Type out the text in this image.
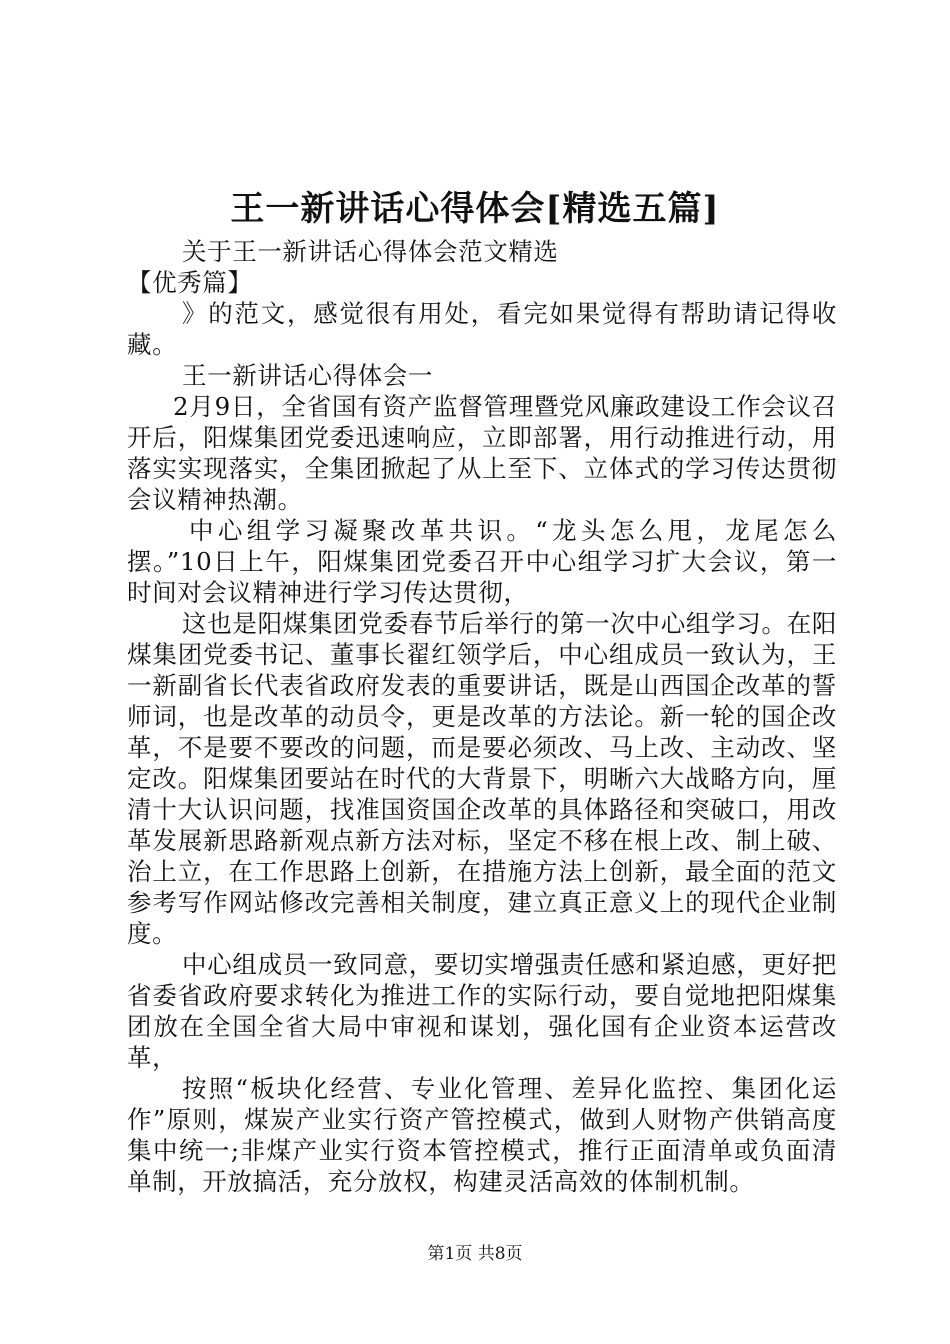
王一新讲话心得体会[精选五篇]

关于王一新讲话心得体会范文精选

【优秀篇】

》的范文，感觉很有用处，看完如果觉得有帮助请记得收藏。

王一新讲话心得体会一

2月9日，全省国有资产监督管理暨党风廉政建设工作会议召开后，阳煤集团党委迅速响应，立即部署，用行动推进行动，用落实实现落实，全集团掀起了从上至下、立体式的学习传达贯彻会议精神热潮。

中心组学习凝聚改革共识。“龙头怎么甩，龙尾怎么摆。”10日上午，阳煤集团党委召开中心组学习扩大会议，第一时间对会议精神进行学习传达贯彻，

这也是阳煤集团党委春节后举行的第一次中心组学习。在阳煤集团党委书记、董事长翟红领学后，中心组成员一致认为，王一新副省长代表省政府发表的重要讲话，既是山西国企改革的誓师词，也是改革的动员令，更是改革的方法论。新一轮的国企改革，不是要不要改的问题，而是要必须改、马上改、主动改、坚定改。阳煤集团要站在时代的大背景下，明晰六大战略方向，厘清十大认识问题，找准国资国企改革的具体路径和突破口，用改革发展新思路新观点新方法对标，坚定不移在根上改、制上破、治上立，在工作思路上创新，在措施方法上创新，最全面的范文参考写作网站修改完善相关制度，建立真正意义上的现代企业制度。

中心组成员一致同意，要切实增强责任感和紧迫感，更好把省委省政府要求转化为推进工作的实际行动，要自觉地把阳煤集团放在全国全省大局中审视和谋划，强化国有企业资本运营改革，

按照“板块化经营、专业化管理、差异化监控、集团化运作”原则，煤炭产业实行资产管控模式，做到人财物产供销高度集中统一;非煤产业实行资本管控模式，推行正面清单或负面清单制，开放搞活，充分放权，构建灵活高效的体制机制。

第1页 共8页
